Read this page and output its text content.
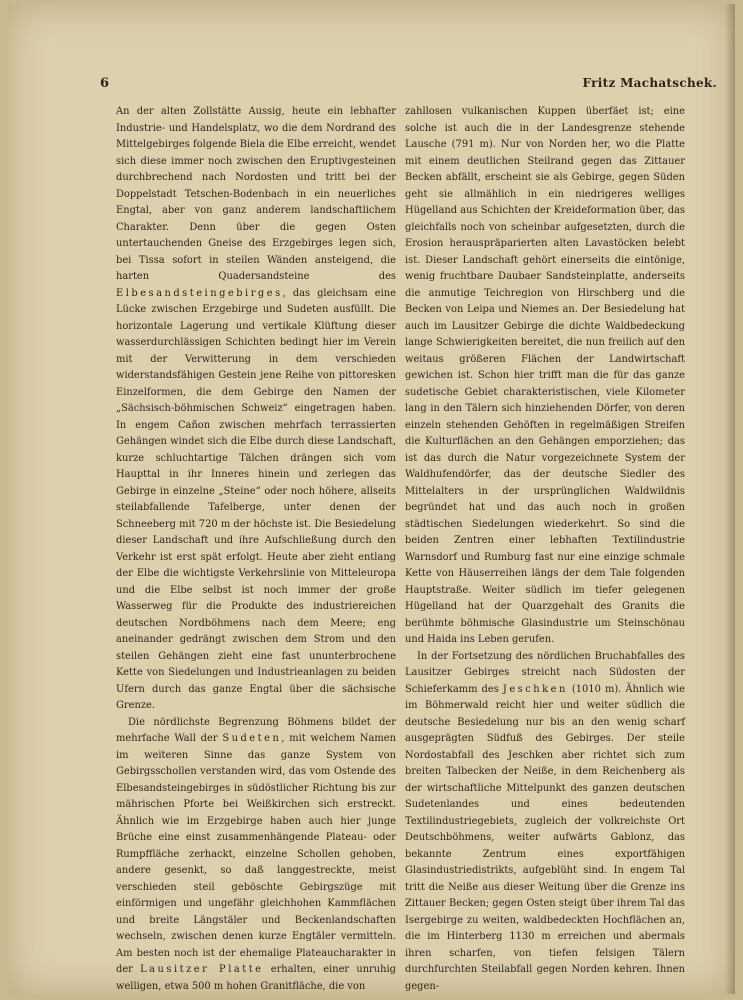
6	Fritz Machatschek.

An der alten Zollstätte Aussig, heute ein lebhafter Industrie- und Handelsplatz, wo die dem Nordrand des Mittelgebirges folgende Biela die Elbe erreicht, wendet sich diese immer noch zwischen den Eruptivgesteinen durchbrechend nach Nordosten und tritt bei der Doppelstadt Tetschen-Bodenbach in ein neuerliches Engtal, aber von ganz anderem landschaftlichem Charakter. Denn über die gegen Osten untertauchenden Gneise des Erzgebirges legen sich, bei Tissa sofort in steilen Wänden ansteigend, die harten Quadersandsteine des Elbesandsteingebirges, das gleichsam eine Lücke zwischen Erzgebirge und Sudeten ausfüllt. Die horizontale Lagerung und vertikale Klüftung dieser wasserdurchlässigen Schichten bedingt hier im Verein mit der Verwitterung in dem verschieden widerstandsfähigen Gestein jene Reihe von pittoresken Einzelformen, die dem Gebirge den Namen der „Sächsisch-böhmischen Schweiz“ eingetragen haben. In engem Cañon zwischen mehrfach terrassierten Gehängen windet sich die Elbe durch diese Landschaft, kurze schluchtartige Tälchen drängen sich vom Haupttal in ihr Inneres hinein und zerlegen das Gebirge in einzelne „Steine“ oder noch höhere, allseits steilabfallende Tafelberge, unter denen der Schneeberg mit 720 m der höchste ist. Die Besiedelung dieser Landschaft und ihre Aufschließung durch den Verkehr ist erst spät erfolgt. Heute aber zieht entlang der Elbe die wichtigste Verkehrslinie von Mitteleuropa und die Elbe selbst ist noch immer der große Wasserweg für die Produkte des industriereichen deutschen Nordböhmens nach dem Meere; eng aneinander gedrängt zwischen dem Strom und den steilen Gehängen zieht eine fast ununterbrochene Kette von Siedelungen und Industrieanlagen zu beiden Ufern durch das ganze Engtal über die sächsische Grenze.

Die nördlichste Begrenzung Böhmens bildet der mehrfache Wall der Sudeten, mit welchem Namen im weiteren Sinne das ganze System von Gebirgsschollen verstanden wird, das vom Ostende des Elbesandsteingebirges in südöstlicher Richtung bis zur mährischen Pforte bei Weißkirchen sich erstreckt. Ähnlich wie im Erzgebirge haben auch hier junge Brüche eine einst zusammenhängende Plateau- oder Rumpffläche zerhackt, einzelne Schollen gehoben, andere gesenkt, so daß langgestreckte, meist verschieden steil geböschte Gebirgszüge mit einförmigen und ungefähr gleichhohen Kammflächen und breite Längstäler und Beckenlandschaften wechseln, zwischen denen kurze Engtäler vermitteln. Am besten noch ist der ehemalige Plateaucharakter in der Lausitzer Platte erhalten, einer unruhig welligen, etwa 500 m hohen Granitfläche, die von

zahllosen vulkanischen Kuppen überfäet ist; eine solche ist auch die in der Landesgrenze stehende Lausche (791 m). Nur von Norden her, wo die Platte mit einem deutlichen Steilrand gegen das Zittauer Becken abfällt, erscheint sie als Gebirge, gegen Süden geht sie allmählich in ein niedrigeres welliges Hügelland aus Schichten der Kreideformation über, das gleichfalls noch von scheinbar aufgesetzten, durch die Erosion herauspräparierten alten Lavastöcken belebt ist. Dieser Landschaft gehört einerseits die eintönige, wenig fruchtbare Daubaer Sandsteinplatte, anderseits die anmutige Teichregion von Hirschberg und die Becken von Leipa und Niemes an. Der Besiedelung hat auch im Lausitzer Gebirge die dichte Waldbedeckung lange Schwierigkeiten bereitet, die nun freilich auf den weitaus größeren Flächen der Landwirtschaft gewichen ist. Schon hier trifft man die für das ganze sudetische Gebiet charakteristischen, viele Kilometer lang in den Tälern sich hinziehenden Dörfer, von deren einzeln stehenden Gehöften in regelmäßigen Streifen die Kulturflächen an den Gehängen emporziehen; das ist das durch die Natur vorgezeichnete System der Waldhufendörfer, das der deutsche Siedler des Mittelalters in der ursprünglichen Waldwildnis begründet hat und das auch noch in großen städtischen Siedelungen wiederkehrt. So sind die beiden Zentren einer lebhaften Textilindustrie Warnsdorf und Rumburg fast nur eine einzige schmale Kette von Häuserreihen längs der dem Tale folgenden Hauptstraße. Weiter südlich im tiefer gelegenen Hügelland hat der Quarzgehalt des Granits die berühmte böhmische Glasindustrie um Steinschönau und Haida ins Leben gerufen.

In der Fortsetzung des nördlichen Bruchabfalles des Lausitzer Gebirges streicht nach Südosten der Schieferkamm des Jeschken (1010 m). Ähnlich wie im Böhmerwald reicht hier und weiter südlich die deutsche Besiedelung nur bis an den wenig scharf ausgeprägten Südfuß des Gebirges. Der steile Nordostabfall des Jeschken aber richtet sich zum breiten Talbecken der Neiße, in dem Reichenberg als der wirtschaftliche Mittelpunkt des ganzen deutschen Sudetenlandes und eines bedeutenden Textilindustriegebiets, zugleich der volkreichste Ort Deutschböhmens, weiter aufwärts Gablonz, das bekannte Zentrum eines exportfähigen Glasindustriedistrikts, aufgeblüht sind. In engem Tal tritt die Neiße aus dieser Weitung über die Grenze ins Zittauer Becken; gegen Osten steigt über ihrem Tal das Isergebirge zu weiten, waldbedeckten Hochflächen an, die im Hinterberg 1130 m erreichen und abermals ihren scharfen, von tiefen felsigen Tälern durchfurchten Steilabfall gegen Norden kehren. Ihnen gegen-
